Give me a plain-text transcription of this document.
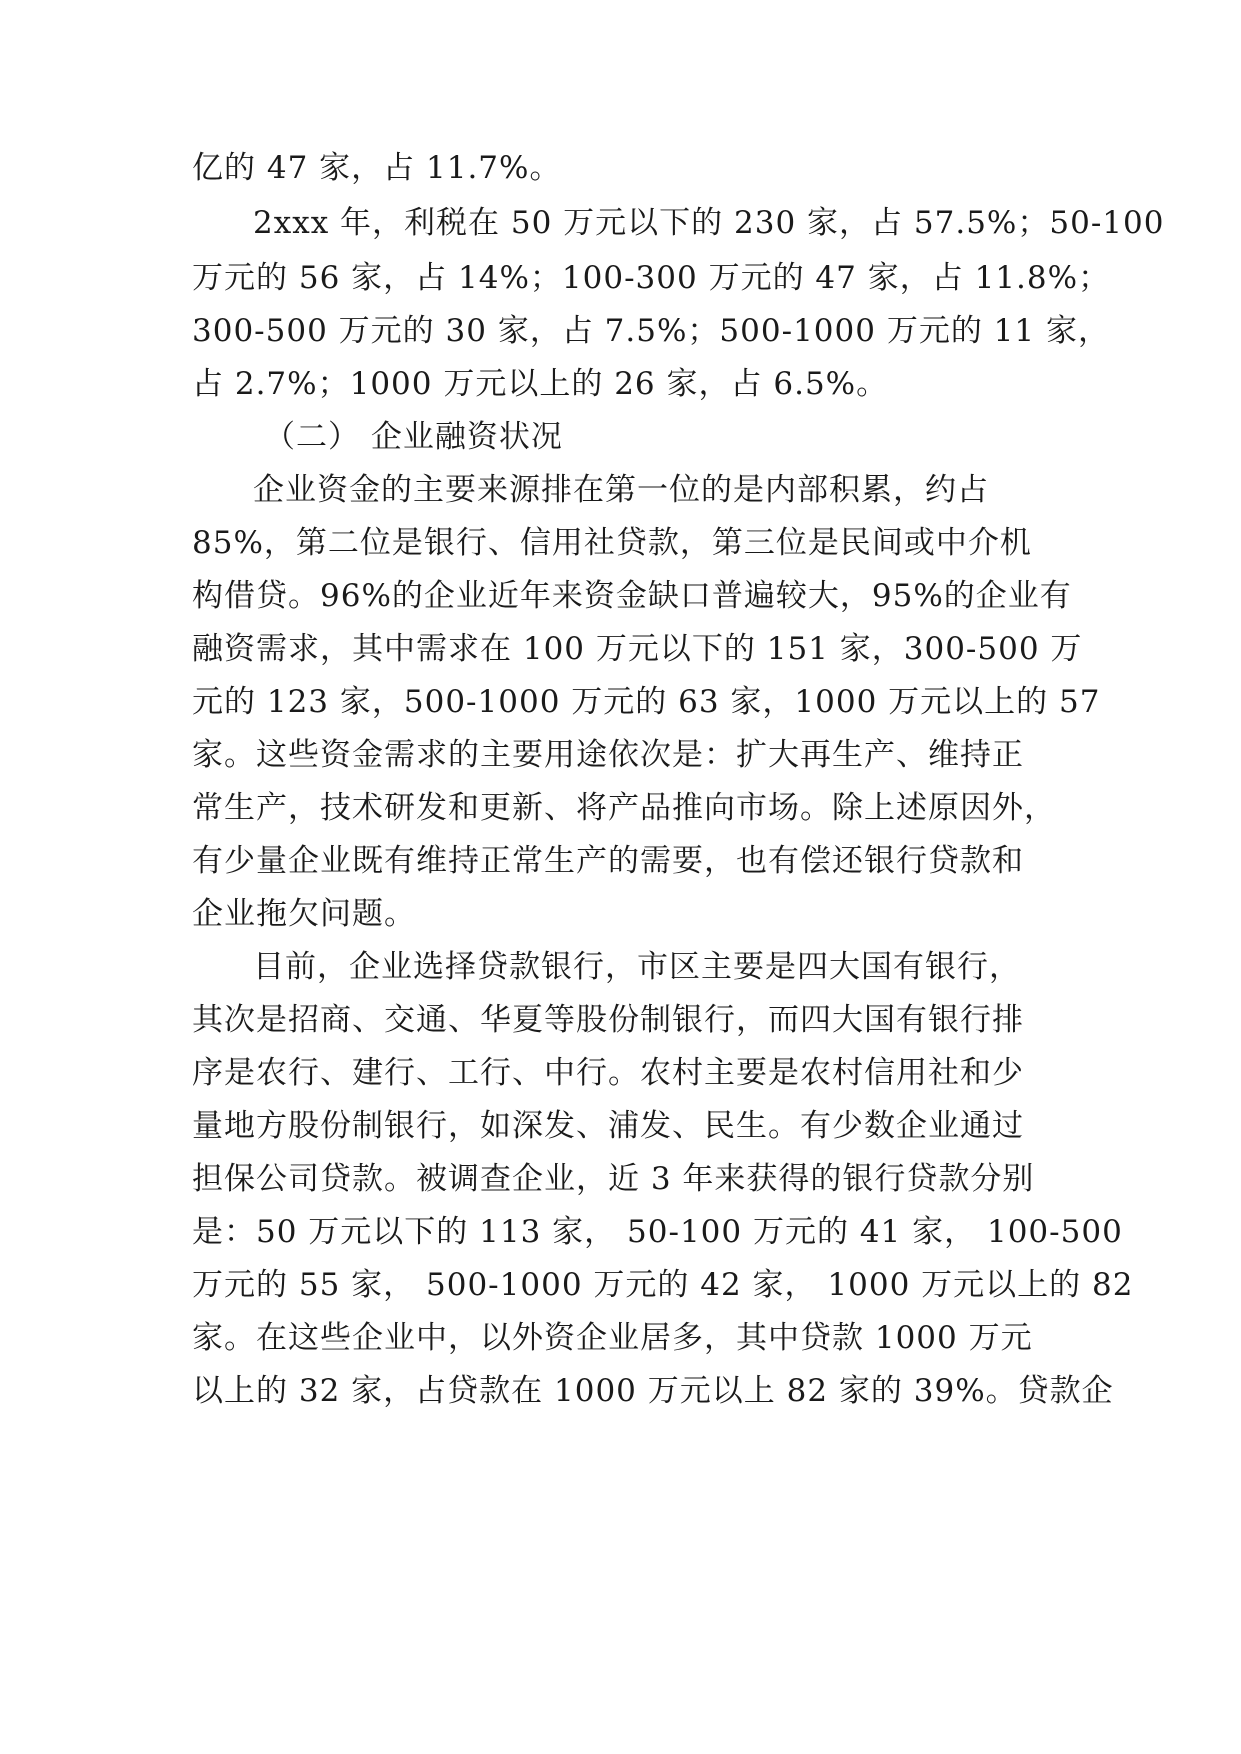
亿的 47 家，占 11.7%。

2xxx 年，利税在 50 万元以下的 230 家，占 57.5%；50-100

万元的 56 家，占 14%；100-300 万元的 47 家，占 11.8%；

300-500 万元的 30 家，占 7.5%；500-1000 万元的 11 家，

占 2.7%；1000 万元以上的 26 家，占 6.5%。

（二） 企业融资状况

企业资金的主要来源排在第一位的是内部积累，约占

85%，第二位是银行、信用社贷款，第三位是民间或中介机

构借贷。96%的企业近年来资金缺口普遍较大，95%的企业有

融资需求，其中需求在 100 万元以下的 151 家，300-500 万

元的 123 家，500-1000 万元的 63 家，1000 万元以上的 57

家。这些资金需求的主要用途依次是：扩大再生产、维持正

常生产，技术研发和更新、将产品推向市场。除上述原因外，

有少量企业既有维持正常生产的需要，也有偿还银行贷款和

企业拖欠问题。

目前，企业选择贷款银行，市区主要是四大国有银行，

其次是招商、交通、华夏等股份制银行，而四大国有银行排

序是农行、建行、工行、中行。农村主要是农村信用社和少

量地方股份制银行，如深发、浦发、民生。有少数企业通过

担保公司贷款。被调查企业，近 3 年来获得的银行贷款分别

是：50 万元以下的 113 家， 50-100 万元的 41 家， 100-500

万元的 55 家， 500-1000 万元的 42 家， 1000 万元以上的 82

家。在这些企业中，以外资企业居多，其中贷款 1000 万元

以上的 32 家，占贷款在 1000 万元以上 82 家的 39%。贷款企
